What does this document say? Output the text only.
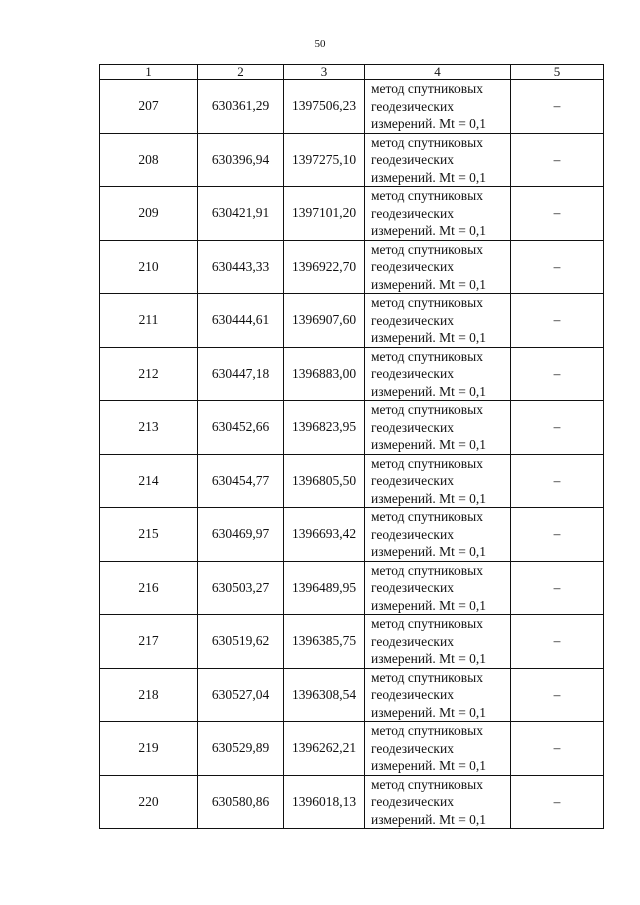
50
1	2	3	4	5
207	630361,29	1397506,23	метод спутниковых
геодезических
измерений. Mt = 0,1	–
208	630396,94	1397275,10	метод спутниковых
геодезических
измерений. Mt = 0,1	–
209	630421,91	1397101,20	метод спутниковых
геодезических
измерений. Mt = 0,1	–
210	630443,33	1396922,70	метод спутниковых
геодезических
измерений. Mt = 0,1	–
211	630444,61	1396907,60	метод спутниковых
геодезических
измерений. Mt = 0,1	–
212	630447,18	1396883,00	метод спутниковых
геодезических
измерений. Mt = 0,1	–
213	630452,66	1396823,95	метод спутниковых
геодезических
измерений. Mt = 0,1	–
214	630454,77	1396805,50	метод спутниковых
геодезических
измерений. Mt = 0,1	–
215	630469,97	1396693,42	метод спутниковых
геодезических
измерений. Mt = 0,1	–
216	630503,27	1396489,95	метод спутниковых
геодезических
измерений. Mt = 0,1	–
217	630519,62	1396385,75	метод спутниковых
геодезических
измерений. Mt = 0,1	–
218	630527,04	1396308,54	метод спутниковых
геодезических
измерений. Mt = 0,1	–
219	630529,89	1396262,21	метод спутниковых
геодезических
измерений. Mt = 0,1	–
220	630580,86	1396018,13	метод спутниковых
геодезических
измерений. Mt = 0,1	–
